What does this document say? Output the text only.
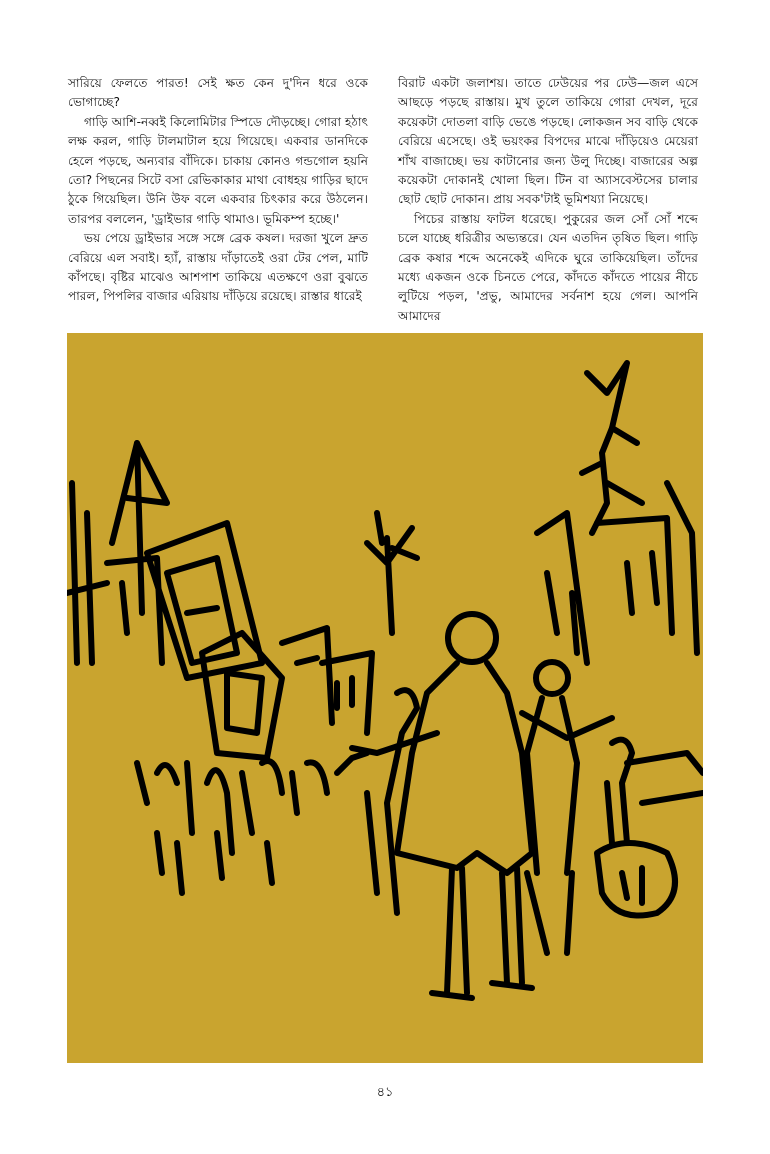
সারিয়ে ফেলতে পারত! সেই ক্ষত কেন দু'দিন ধরে ওকে ভোগাচ্ছে?

গাড়ি আশি-নব্বই কিলোমিটার স্পিডে দৌড়চ্ছে। গোরা হঠাৎ লক্ষ করল, গাড়ি টালমাটাল হয়ে গিয়েছে। একবার ডানদিকে হেলে পড়ছে, অন্যবার বাঁদিকে। চাকায় কোনও গন্ডগোল হয়নি তো? পিছনের সিটে বসা রেভিকাকার মাথা বোধহয় গাড়ির ছাদে ঠুকে গিয়েছিল। উনি উফ বলে একবার চিৎকার করে উঠলেন। তারপর বললেন, 'ড্রাইভার গাড়ি থামাও। ভূমিকম্প হচ্ছে।'

ভয় পেয়ে ড্রাইভার সঙ্গে সঙ্গে ব্রেক কষল। দরজা খুলে দ্রুত বেরিয়ে এল সবাই। হ্যাঁ, রাস্তায় দাঁড়াতেই ওরা টের পেল, মাটি কাঁপছে। বৃষ্টির মাঝেও আশপাশ তাকিয়ে এতক্ষণে ওরা বুঝতে পারল, পিপলির বাজার এরিয়ায় দাঁড়িয়ে রয়েছে। রাস্তার ধারেই

বিরাট একটা জলাশয়। তাতে ঢেউয়ের পর ঢেউ—জল এসে আছড়ে পড়ছে রাস্তায়। মুখ তুলে তাকিয়ে গোরা দেখল, দূরে কয়েকটা দোতলা বাড়ি ভেঙে পড়ছে। লোকজন সব বাড়ি থেকে বেরিয়ে এসেছে। ওই ভয়ংকর বিপদের মাঝে দাঁড়িয়েও মেয়েরা শাঁখ বাজাচ্ছে। ভয় কাটানোর জন্য উলু দিচ্ছে। বাজারের অল্প কয়েকটা দোকানই খোলা ছিল। টিন বা অ্যাসবেস্টসের চালার ছোট ছোট দোকান। প্রায় সবক'টাই ভূমিশয্যা নিয়েছে।

পিচের রাস্তায় ফাটল ধরেছে। পুকুরের জল সোঁ সোঁ শব্দে চলে যাচ্ছে ধরিত্রীর অভ্যন্তরে। যেন এতদিন তৃষিত ছিল। গাড়ি ব্রেক কষার শব্দে অনেকেই এদিকে ঘুরে তাকিয়েছিল। তাঁদের মধ্যে একজন ওকে চিনতে পেরে, কাঁদতে কাঁদতে পায়ের নীচে লুটিয়ে পড়ল, 'প্রভু, আমাদের সর্বনাশ হয়ে গেল। আপনি আমাদের

৪১
